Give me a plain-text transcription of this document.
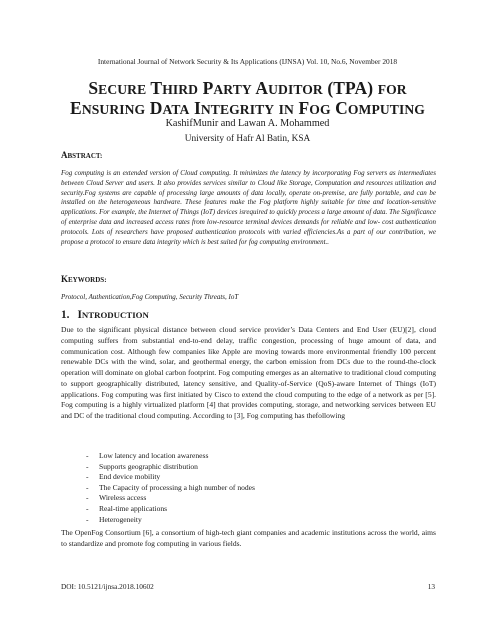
International Journal of Network Security & Its Applications (IJNSA) Vol. 10, No.6, November 2018
SECURE THIRD PARTY AUDITOR (TPA) FOR
ENSURING DATA INTEGRITY IN FOG COMPUTING
KashifMunir and Lawan A. Mohammed
University of Hafr Al Batin, KSA
ABSTRACT:
Fog computing is an extended version of Cloud computing. It minimizes the latency by incorporating Fog servers as intermediates between Cloud Server and users. It also provides services similar to Cloud like Storage, Computation and resources utilization and security.Fog systems are capable of processing large amounts of data locally, operate on-premise, are fully portable, and can be installed on the heterogeneous hardware. These features make the Fog platform highly suitable for time and location-sensitive applications. For example, the Internet of Things (IoT) devices isrequired to quickly process a large amount of data. The Significance of enterprise data and increased access rates from low-resource terminal devices demands for reliable and low- cost authentication protocols. Lots of researchers have proposed authentication protocols with varied efficiencies.As a part of our contribution, we propose a protocol to ensure data integrity which is best suited for fog computing environment..
KEYWORDS:
Protocol, Authentication,Fog Computing, Security Threats, IoT
1. INTRODUCTION
Due to the significant physical distance between cloud service provider’s Data Centers and End User (EU)[2], cloud computing suffers from substantial end-to-end delay, traffic congestion, processing of huge amount of data, and communication cost. Although few companies like Apple are moving towards more environmental friendly 100 percent renewable DCs with the wind, solar, and geothermal energy, the carbon emission from DCs due to the round-the-clock operation will dominate on global carbon footprint. Fog computing emerges as an alternative to traditional cloud computing to support geographically distributed, latency sensitive, and Quality-of-Service (QoS)-aware Internet of Things (IoT) applications. Fog computing was first initiated by Cisco to extend the cloud computing to the edge of a network as per [5]. Fog computing is a highly virtualized platform [4] that provides computing, storage, and networking services between EU and DC of the traditional cloud computing. According to [3], Fog computing has thefollowing
- Low latency and location awareness
- Supports geographic distribution
- End device mobility
- The Capacity of processing a high number of nodes
- Wireless access
- Real-time applications
- Heterogeneity
The OpenFog Consortium [6], a consortium of high-tech giant companies and academic institutions across the world, aims to standardize and promote fog computing in various fields.
DOI: 10.5121/ijnsa.2018.10602	13
